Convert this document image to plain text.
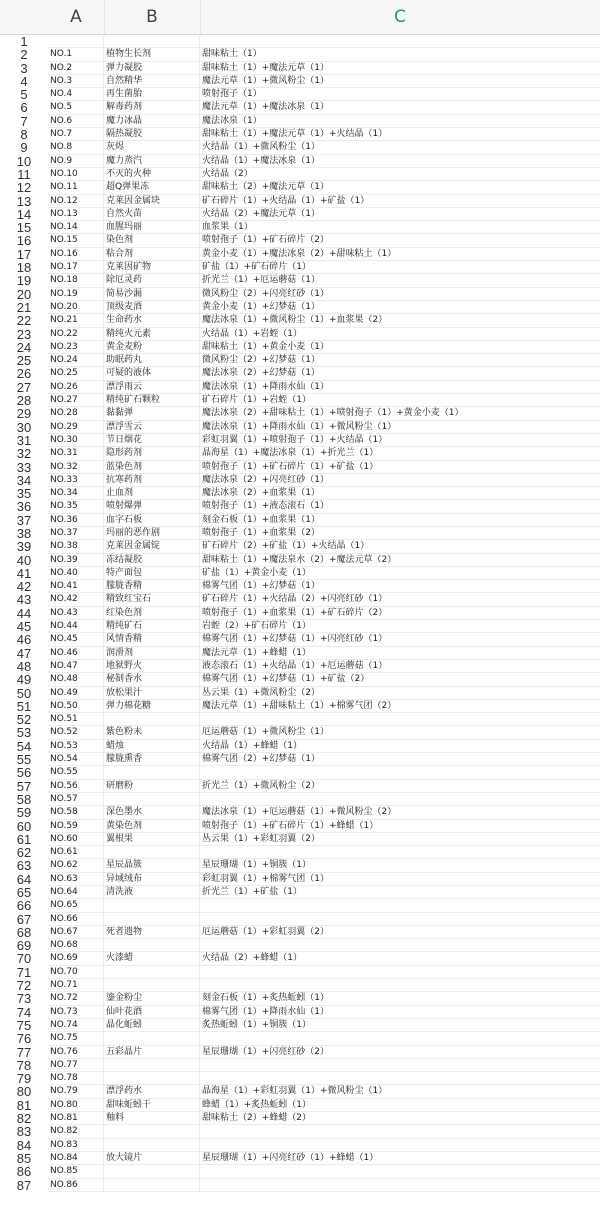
A	B	C
1
2	NO.1	植物生长剂	甜味粘土（1）
3	NO.2	弹力凝胶	甜味粘土（1）+魔法元草（1）
4	NO.3	自然精华	魔法元草（1）+微风粉尘（1）
5	NO.4	再生菌胎	喷射孢子（1）
6	NO.5	解毒药剂	魔法元草（1）+魔法冰泉（1）
7	NO.6	魔力冰晶	魔法冰泉（1）
8	NO.7	隔热凝胶	甜味粘土（1）+魔法元草（1）+火结晶（1）
9	NO.8	灰烬	火结晶（1）+微风粉尘（1）
10	NO.9	魔力蒸汽	火结晶（1）+魔法冰泉（1）
11	NO.10	不灭的火种	火结晶（2）
12	NO.11	超Q弹果冻	甜味粘土（2）+魔法元草（1）
13	NO.12	克莱因金属块	矿石碎片（1）+火结晶（1）+矿盐（1）
14	NO.13	自然火苗	火结晶（2）+魔法元草（1）
15	NO.14	血腥玛丽	血浆果（1）
16	NO.15	染色剂	喷射孢子（1）+矿石碎片（2）
17	NO.16	粘合剂	黄金小麦（1）+魔法冰泉（2）+甜味粘土（1）
18	NO.17	克莱因矿物	矿盐（1）+矿石碎片（1）
19	NO.18	除厄灵药	折光兰（1）+厄运蘑菇（1）
20	NO.19	简易沙漏	微风粉尘（2）+闪亮红砂（1）
21	NO.20	顶级麦酒	黄金小麦（1）+幻梦菇（1）
22	NO.21	生命药水	魔法冰泉（1）+微风粉尘（1）+血浆果（2）
23	NO.22	精纯火元素	火结晶（1）+岩蛭（1）
24	NO.23	黄金麦粉	甜味粘土（1）+黄金小麦（1）
25	NO.24	助眠药丸	微风粉尘（2）+幻梦菇（1）
26	NO.25	可疑的液体	魔法冰泉（2）+幻梦菇（1）
27	NO.26	漂浮雨云	魔法冰泉（1）+降雨水仙（1）
28	NO.27	精纯矿石颗粒	矿石碎片（1）+岩蛭（1）
29	NO.28	黏黏弹	魔法冰泉（2）+甜味粘土（1）+喷射孢子（1）+黄金小麦（1）
30	NO.29	漂浮雪云	魔法冰泉（1）+降雨水仙（1）+微风粉尘（1）
31	NO.30	节日烟花	彩虹羽翼（1）+喷射孢子（1）+火结晶（1）
32	NO.31	隐形药剂	晶海星（1）+魔法冰泉（1）+折光兰（1）
33	NO.32	蓝染色剂	喷射孢子（1）+矿石碎片（1）+矿盐（1）
34	NO.33	抗寒药剂	魔法冰泉（2）+闪亮红砂（1）
35	NO.34	止血剂	魔法冰泉（2）+血浆果（1）
36	NO.35	喷射爆弹	喷射孢子（1）+液态滚石（1）
37	NO.36	血字石板	刻金石板（1）+血浆果（1）
38	NO.37	玛丽的恶作剧	喷射孢子（1）+血浆果（2）
39	NO.38	克莱因金属锭	矿石碎片（2）+矿盐（1）+火结晶（1）
40	NO.39	冻结凝胶	甜味粘土（1）+魔法泉水（2）+魔法元草（2）
41	NO.40	特产面包	矿盐（1）+黄金小麦（1）
42	NO.41	朦胧香精	棉雾气团（1）+幻梦菇（1）
43	NO.42	精致红宝石	矿石碎片（1）+火结晶（2）+闪亮红砂（1）
44	NO.43	红染色剂	喷射孢子（1）+血浆果（1）+矿石碎片（2）
45	NO.44	精纯矿石	岩蛭（2）+矿石碎片（1）
46	NO.45	风情香精	棉雾气团（1）+幻梦菇（1）+闪亮红砂（1）
47	NO.46	润滑剂	魔法元草（1）+蜂蜡（1）
48	NO.47	地狱野火	液态滚石（1）+火结晶（1）+厄运蘑菇（1）
49	NO.48	秘制香水	棉雾气团（1）+幻梦菇（1）+矿盐（2）
50	NO.49	放松果汁	丛云果（1）+微风粉尘（2）
51	NO.50	弹力棉花糖	魔法元草（1）+甜味粘土（1）+棉雾气团（2）
52	NO.51
53	NO.52	紫色粉末	厄运蘑菇（1）+微风粉尘（1）
54	NO.53	蜡烛	火结晶（1）+蜂蜡（1）
55	NO.54	朦胧熏香	棉雾气团（2）+幻梦菇（1）
56	NO.55
57	NO.56	研磨粉	折光兰（1）+微风粉尘（2）
58	NO.57
59	NO.58	深色墨水	魔法冰泉（1）+厄运蘑菇（1）+微风粉尘（2）
60	NO.59	黄染色剂	喷射孢子（1）+矿石碎片（1）+蜂蜡（1）
61	NO.60	翼根果	丛云果（1）+彩虹羽翼（2）
62	NO.61
63	NO.62	星辰晶簇	星辰珊瑚（1）+铜簇（1）
64	NO.63	异域绒布	彩虹羽翼（1）+棉雾气团（1）
65	NO.64	清洗液	折光兰（1）+矿盐（1）
66	NO.65
67	NO.66
68	NO.67	死者遗物	厄运蘑菇（1）+彩虹羽翼（2）
69	NO.68
70	NO.69	火漆蜡	火结晶（2）+蜂蜡（1）
71	NO.70
72	NO.71
73	NO.72	鎏金粉尘	刻金石板（1）+炙热蚯蚓（1）
74	NO.73	仙叶花酒	棉雾气团（1）+降雨水仙（1）
75	NO.74	晶化蚯蚓	炙热蚯蚓（1）+铜簇（1）
76	NO.75
77	NO.76	五彩晶片	星辰珊瑚（1）+闪亮红砂（2）
78	NO.77
79	NO.78
80	NO.79	漂浮药水	晶海星（1）+彩虹羽翼（1）+微风粉尘（1）
81	NO.80	甜味蚯蚓干	蜂蜡（1）+炙热蚯蚓（1）
82	NO.81	釉料	甜味粘土（2）+蜂蜡（2）
83	NO.82
84	NO.83
85	NO.84	放大镜片	星辰珊瑚（1）+闪亮红砂（1）+蜂蜡（1）
86	NO.85
87	NO.86
